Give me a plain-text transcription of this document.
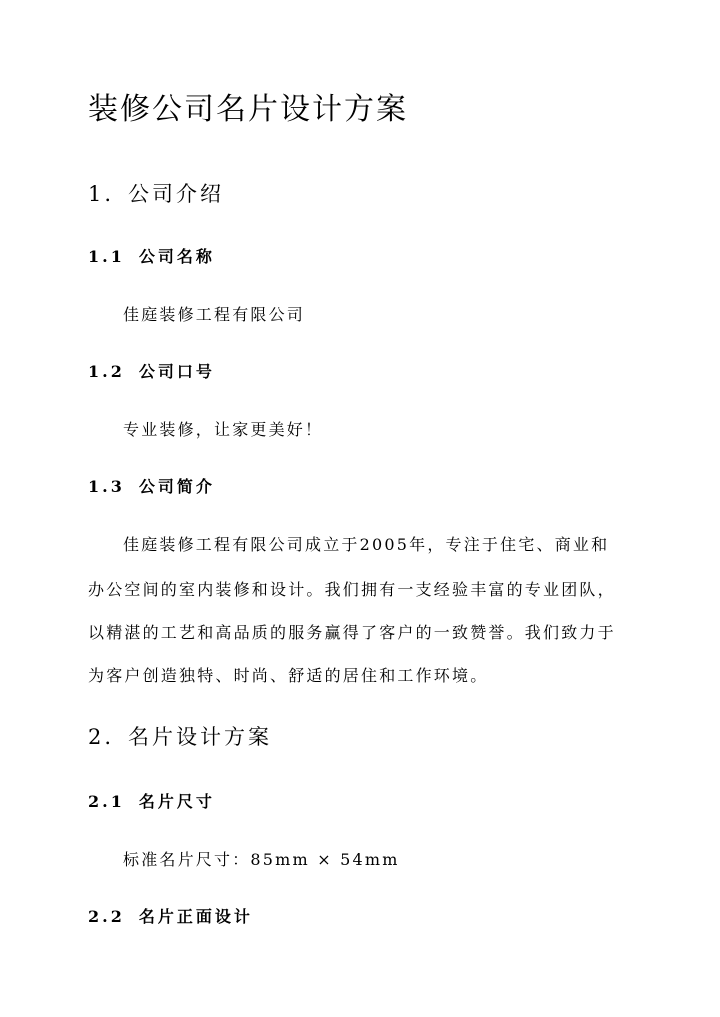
装修公司名片设计方案
1. 公司介绍
1.1 公司名称

佳庭装修工程有限公司

1.2 公司口号

专业装修，让家更美好！

1.3 公司简介

佳庭装修工程有限公司成立于2005年，专注于住宅、商业和

办公空间的室内装修和设计。我们拥有一支经验丰富的专业团队，

以精湛的工艺和高品质的服务赢得了客户的一致赞誉。我们致力于

为客户创造独特、时尚、舒适的居住和工作环境。

2. 名片设计方案
2.1 名片尺寸

标准名片尺寸：85mm × 54mm

2.2 名片正面设计
